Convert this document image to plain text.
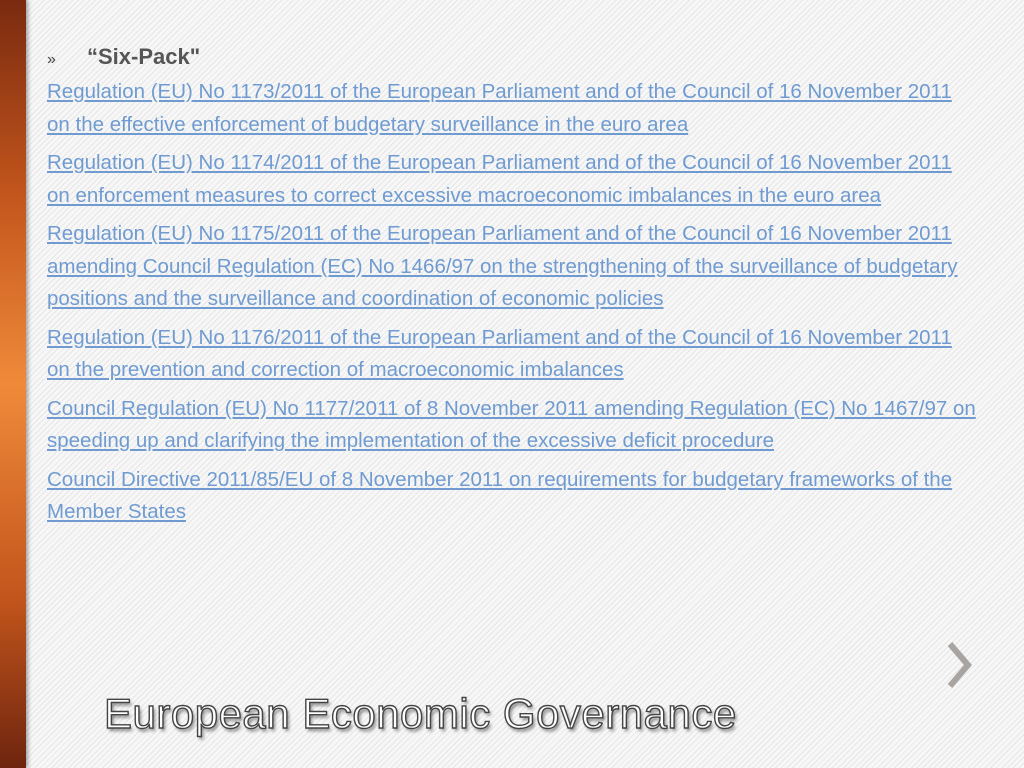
»	“Six-Pack"
Regulation (EU) No 1173/2011 of the European Parliament and of the Council of 16 November 2011 on the effective enforcement of budgetary surveillance in the euro area
Regulation (EU) No 1174/2011 of the European Parliament and of the Council of 16 November 2011 on enforcement measures to correct excessive macroeconomic imbalances in the euro area
Regulation (EU) No 1175/2011 of the European Parliament and of the Council of 16 November 2011 amending Council Regulation (EC) No 1466/97 on the strengthening of the surveillance of budgetary positions and the surveillance and coordination of economic policies
Regulation (EU) No 1176/2011 of the European Parliament and of the Council of 16 November 2011 on the prevention and correction of macroeconomic imbalances
Council Regulation (EU) No 1177/2011 of 8 November 2011 amending Regulation (EC) No 1467/97 on speeding up and clarifying the implementation of the excessive deficit procedure
Council Directive 2011/85/EU of 8 November 2011 on requirements for budgetary frameworks of the Member States
European Economic Governance
